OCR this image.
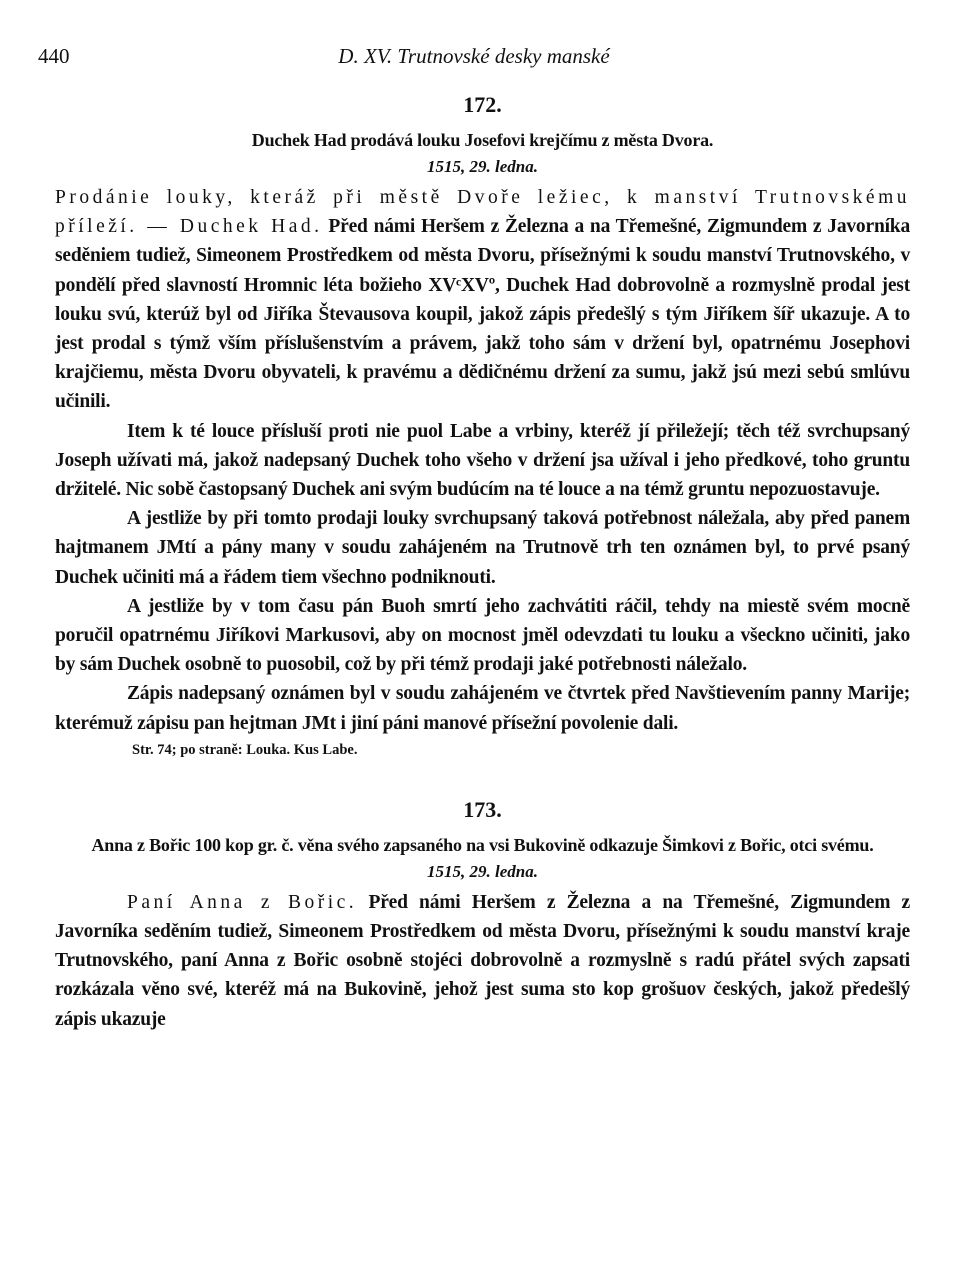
440	D. XV. Trutnovské desky manské
172.
Duchek Had prodává louku Josefovi krejčímu z města Dvora.
1515, 29. ledna.

Prodánie louky, kteráž při městě Dvoře ležiec, k manství Trutnovskému příleží. — Duchek Had. Před námi Heršem z Železna a na Třemešné, Zigmundem z Javorníka seděniem tudiež, Simeonem Prostředkem od města Dvoru, přísežnými k soudu manství Trutnovského, v pondělí před slavností Hromnic léta božieho XVᶜXVº, Duchek Had dobrovolně a rozmyslně prodal jest louku svú, kterúž byl od Jiříka Števausova koupil, jakož zápis předešlý s tým Jiříkem šíř ukazuje. A to jest prodal s týmž vším příslušenstvím a právem, jakž toho sám v držení byl, opatrnému Josephovi krajčiemu, města Dvoru obyvateli, k pravému a dědičnému držení za sumu, jakž jsú mezi sebú smlúvu učinili.

Item k té louce přísluší proti nie puol Labe a vrbiny, kteréž jí přiležejí; těch též svrchupsaný Joseph užívati má, jakož nadepsaný Duchek toho všeho v držení jsa užíval i jeho předkové, toho gruntu držitelé. Nic sobě častopsaný Duchek ani svým budúcím na té louce a na témž gruntu nepozuostavuje.

A jestliže by při tomto prodaji louky svrchupsaný taková potřebnost náležala, aby před panem hajtmanem JMtí a pány many v soudu zahájeném na Trutnově trh ten oznámen byl, to prvé psaný Duchek učiniti má a řádem tiem všechno podniknouti.

A jestliže by v tom času pán Buoh smrtí jeho zachvátiti ráčil, tehdy na miestě svém mocně poručil opatrnému Jiříkovi Markusovi, aby on mocnost jměl odevzdati tu louku a všeckno učiniti, jako by sám Duchek osobně to puosobil, což by při témž prodaji jaké potřebnosti náležalo.

Zápis nadepsaný oznámen byl v soudu zahájeném ve čtvrtek před Navštievením panny Marije; kterémuž zápisu pan hejtman JMt i jiní páni manové přísežní povolenie dali.

Str. 74; po straně: Louka. Kus Labe.
173.
Anna z Bořic 100 kop gr. č. věna svého zapsaného na vsi Bukovině odkazuje Šimkovi z Bořic, otci svému.
1515, 29. ledna.

Paní Anna z Bořic. Před námi Heršem z Železna a na Třemešné, Zigmundem z Javorníka seděním tudiež, Simeonem Prostředkem od města Dvoru, přísežnými k soudu manství kraje Trutnovského, paní Anna z Bořic osobně stojéci dobrovolně a rozmyslně s radú přátel svých zapsati rozkázala věno své, kteréž má na Bukovině, jehož jest suma sto kop grošuov českých, jakož předešlý zápis ukazuje
